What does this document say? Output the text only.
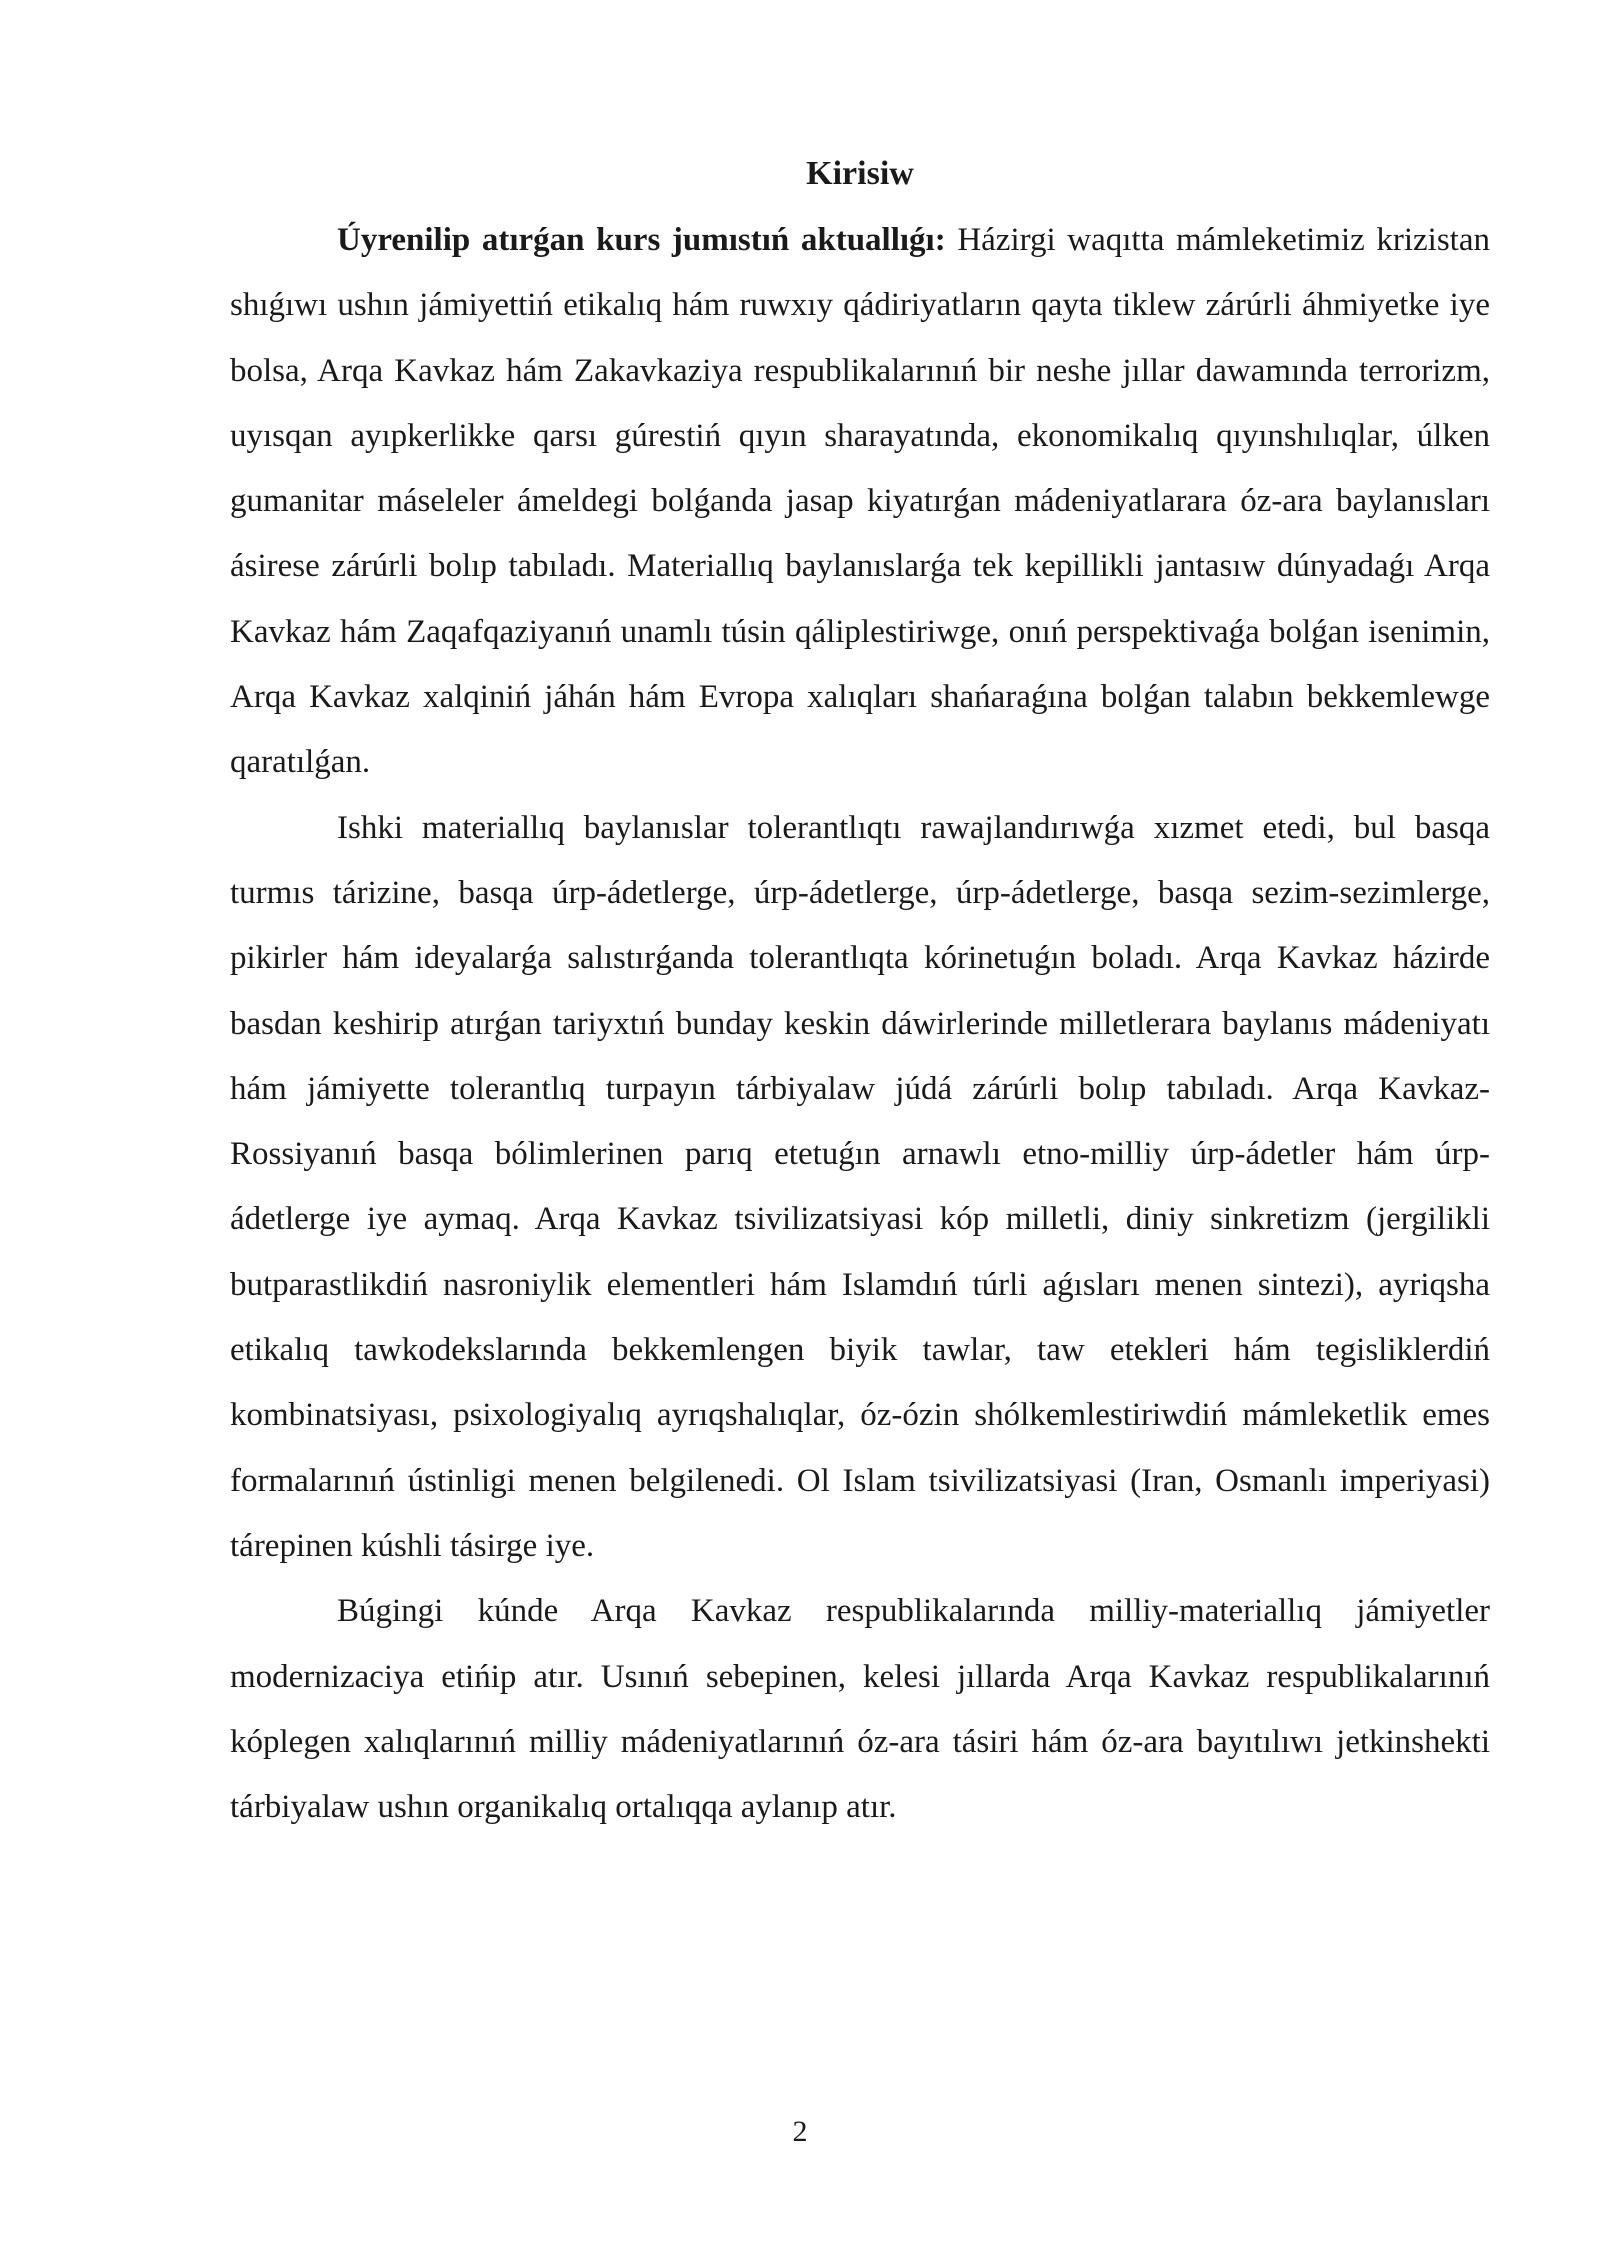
Kirisiw

Úyrenilip atırǵan kurs jumıstıń aktuallıǵı: Házirgi waqıtta mámleketimiz krizistan shıǵıwı ushın jámiyettiń etikalıq hám ruwxıy qádiriyatların qayta tiklew zárúrli áhmiyetke iye bolsa, Arqa Kavkaz hám Zakavkaziya respublikalarınıń bir neshe jıllar dawamında terrorizm, uyısqan ayıpkerlikke qarsı gúrestiń qıyın sharayatında, ekonomikalıq qıyınshılıqlar, úlken gumanitar máseleler ámeldegi bolǵanda jasap kiyatırǵan mádeniyatlarara óz-ara baylanısları ásirese zárúrli bolıp tabıladı. Materiallıq baylanıslarǵa tek kepillikli jantasıw dúnyadaǵı Arqa Kavkaz hám Zaqafqaziyanıń unamlı túsin qáliplestiriwge, onıń perspektivaǵa bolǵan isenimin, Arqa Kavkaz xalqiniń jáhán hám Evropa xalıqları shańaraǵına bolǵan talabın bekkemlewge qaratılǵan.

Ishki materiallıq baylanıslar tolerantlıqtı rawajlandırıwǵa xızmet etedi, bul basqa turmıs tárizine, basqa úrp-ádetlerge, úrp-ádetlerge, úrp-ádetlerge, basqa sezim-sezimlerge, pikirler hám ideyalarǵa salıstırǵanda tolerantlıqta kórinetuǵın boladı. Arqa Kavkaz házirde basdan keshirip atırǵan tariyxtıń bunday keskin dáwirlerinde milletlerara baylanıs mádeniyatı hám jámiyette tolerantlıq turpayın tárbiyalaw júdá zárúrli bolıp tabıladı. Arqa Kavkaz-Rossiyanıń basqa bólimlerinen parıq etetuǵın arnawlı etno-milliy úrp-ádetler hám úrp-ádetlerge iye aymaq. Arqa Kavkaz tsivilizatsiyasi kóp milletli, diniy sinkretizm (jergilikli butparastlikdiń nasroniylik elementleri hám Islamdıń túrli aǵısları menen sintezi), ayriqsha etikalıq tawkodekslarında bekkemlengen biyik tawlar, taw etekleri hám tegisliklerdiń kombinatsiyası, psixologiyalıq ayrıqshalıqlar, óz-ózin shólkemlestiriwdiń mámleketlik emes formalarınıń ústinligi menen belgilenedi. Ol Islam tsivilizatsiyasi (Iran, Osmanlı imperiyasi) tárepinen kúshli tásirge iye.

Búgingi kúnde Arqa Kavkaz respublikalarında milliy-materiallıq jámiyetler modernizaciya etińip atır. Usınıń sebepinen, kelesi jıllarda Arqa Kavkaz respublikalarınıń kóplegen xalıqlarınıń milliy mádeniyatlarınıń óz-ara tásiri hám óz-ara bayıtılıwı jetkinshekti tárbiyalaw ushın organikalıq ortalıqqa aylanıp atır.

2
